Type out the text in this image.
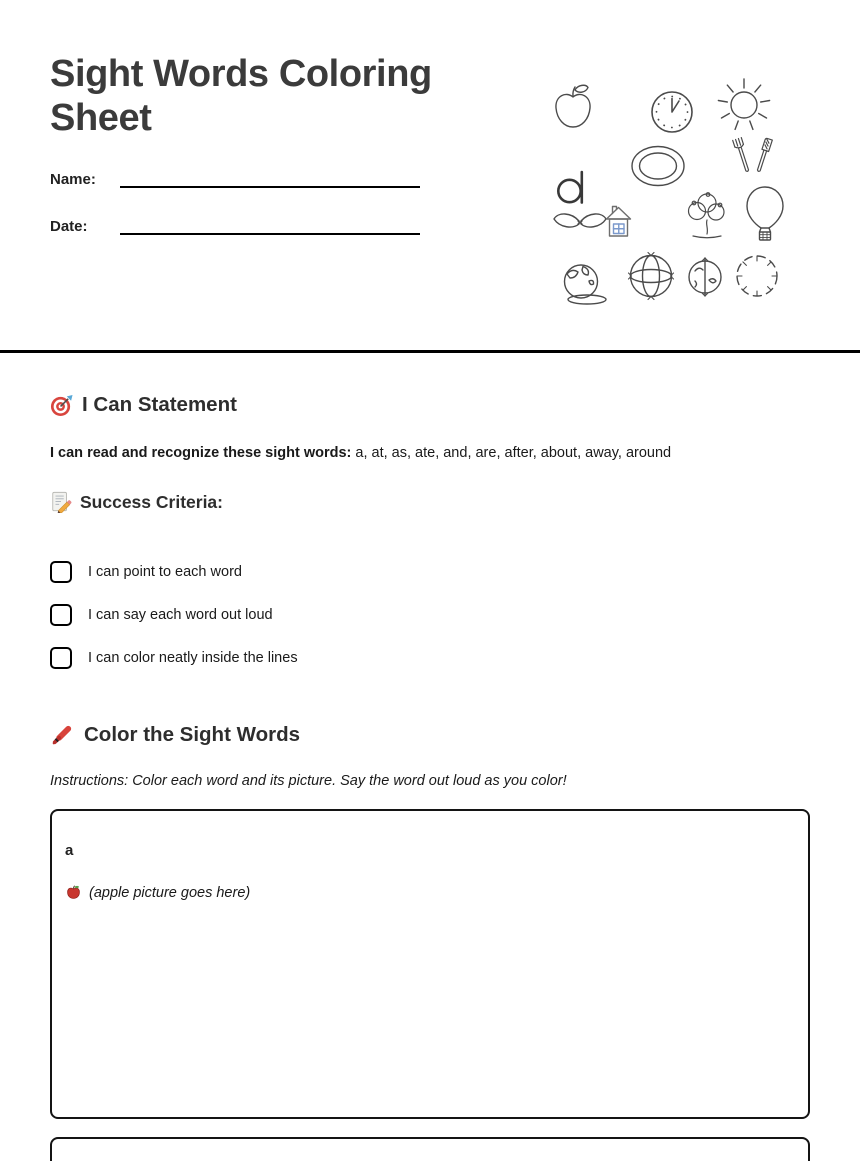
Sight Words Coloring Sheet
Name:
Date:
I Can Statement

I can read and recognize these sight words: a, at, as, ate, and, are, after, about, away, around

Success Criteria:
I can point to each word
I can say each word out loud
I can color neatly inside the lines
Color the Sight Words

Instructions: Color each word and its picture. Say the word out loud as you color!

a
(apple picture goes here)
